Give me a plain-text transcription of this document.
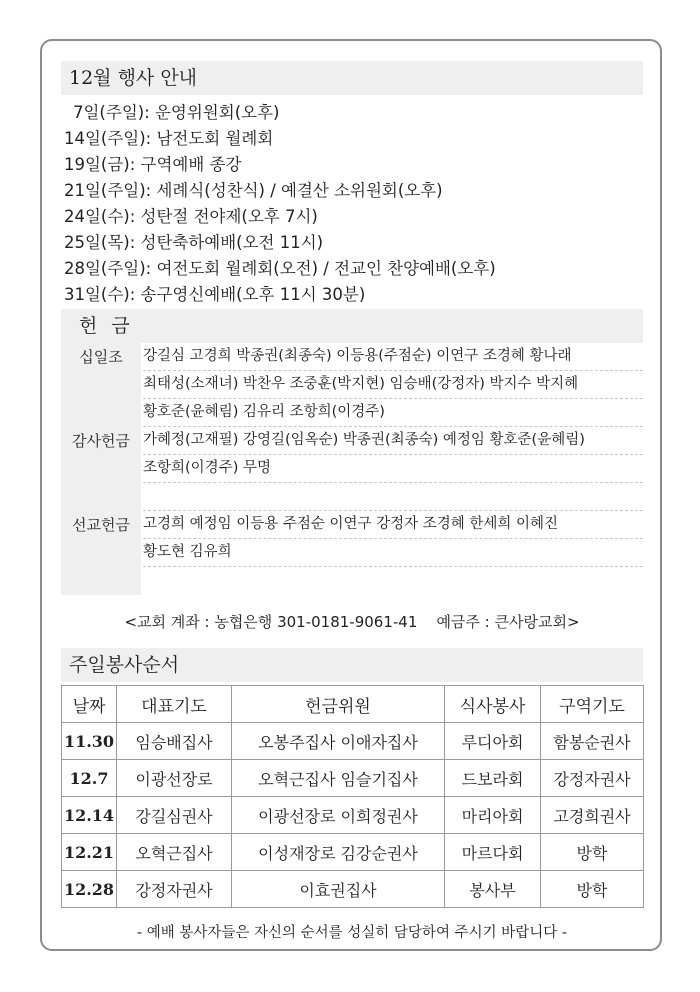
12월 행사 안내
7일(주일): 운영위원회(오후)
14일(주일): 남전도회 월례회
19일(금): 구역예배 종강
21일(주일): 세례식(성찬식) / 예결산 소위원회(오후)
24일(수): 성탄절 전야제(오후 7시)
25일(목): 성탄축하예배(오전 11시)
28일(주일): 여전도회 월례회(오전) / 전교인 찬양예배(오후)
31일(수): 송구영신예배(오후 11시 30분)
헌 금
십일조	강길심 고경희 박종권(최종숙) 이등용(주점순) 이연구 조경혜 황나래
최태성(소재녀) 박찬우 조중훈(박지현) 임승배(강정자) 박지수 박지혜
황호준(윤혜림) 김유리 조항희(이경주)
감사헌금 가혜정(고재필) 강영길(임옥순) 박종권(최종숙) 예정임 황호준(윤혜림)
조항희(이경주) 무명
선교헌금 고경희 예정임 이등용 주점순 이연구 강정자 조경혜 한세희 이혜진
황도현 김유희
<교회 계좌 : 농협은행 301-0181-9061-41    예금주 : 큰사랑교회>
주일봉사순서
날짜	대표기도	헌금위원	식사봉사	구역기도
11.30	임승배집사	오봉주집사 이애자집사	루디아회	함봉순권사
12.7	이광선장로	오혁근집사 임슬기집사	드보라회	강정자권사
12.14	강길심권사	이광선장로 이희정권사	마리아회	고경희권사
12.21	오혁근집사	이성재장로 김강순권사	마르다회	방학
12.28	강정자권사	이효권집사	봉사부	방학
- 예배 봉사자들은 자신의 순서를 성실히 담당하여 주시기 바랍니다 -
